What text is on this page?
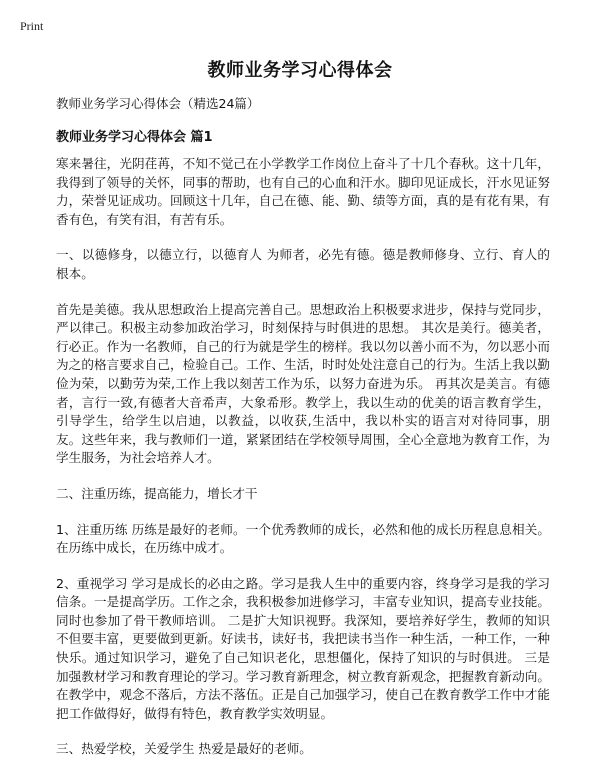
Print
教师业务学习心得体会
教师业务学习心得体会（精选24篇）
教师业务学习心得体会 篇1

寒来暑往，光阴荏苒，不知不觉己在小学教学工作岗位上奋斗了十几个春秋。这十几年，我得到了领导的关怀，同事的帮助，也有自己的心血和汗水。脚印见证成长，汗水见证努力，荣誉见证成功。回顾这十几年，自己在德、能、勤、绩等方面，真的是有花有果，有香有色，有笑有泪，有苦有乐。

一、以德修身，以德立行，以德育人 为师者，必先有德。德是教师修身、立行、育人的根本。

首先是美德。我从思想政治上提高完善自己。思想政治上积极要求进步，保持与党同步，严以律己。积极主动参加政治学习，时刻保持与时俱进的思想。 其次是美行。德美者，行必正。作为一名教师，自己的行为就是学生的榜样。我以勿以善小而不为，勿以恶小而为之的格言要求自己，检验自己。工作、生活，时时处处注意自己的行为。生活上我以勤俭为荣，以勤劳为荣,工作上我以刻苦工作为乐，以努力奋进为乐。 再其次是美言。有德者，言行一致,有德者大音希声，大象希形。教学上，我以生动的优美的语言教育学生，引导学生，给学生以启迪，以教益，以收获,生活中，我以朴实的语言对对待同事，朋友。这些年来，我与教师们一道，紧紧团结在学校领导周围，全心全意地为教育工作，为学生服务，为社会培养人才。

二、注重历练，提高能力，增长才干

1、注重历练 历练是最好的老师。一个优秀教师的成长，必然和他的成长历程息息相关。在历练中成长，在历练中成才。

2、重视学习 学习是成长的必由之路。学习是我人生中的重要内容，终身学习是我的学习信条。一是提高学历。工作之余，我积极参加进修学习，丰富专业知识，提高专业技能。同时也参加了骨干教师培训。 二是扩大知识视野。我深知，要培养好学生，教师的知识不但要丰富，更要做到更新。好读书，读好书，我把读书当作一种生活，一种工作，一种快乐。通过知识学习，避免了自己知识老化，思想僵化，保持了知识的与时俱进。 三是加强教材学习和教育理论的学习。学习教育新理念，树立教育新观念，把握教育新动向。在教学中，观念不落后，方法不落伍。正是自己加强学习，使自己在教育教学工作中才能把工作做得好，做得有特色，教育教学实效明显。

三、热爱学校，关爱学生 热爱是最好的老师。
